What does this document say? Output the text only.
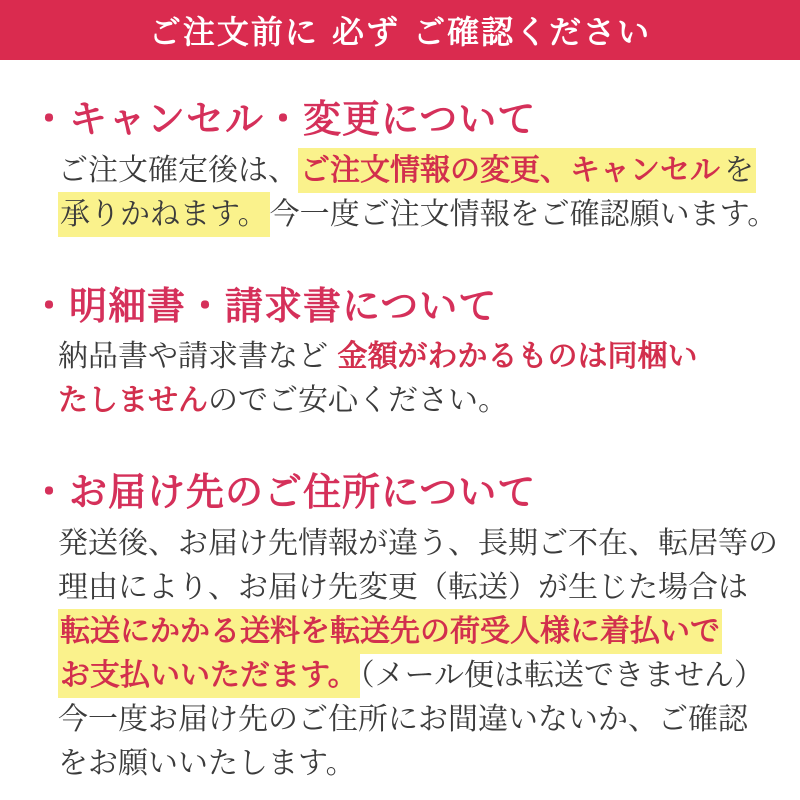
ご注文前に 必ず ご確認ください
・キャンセル・変更について

ご注文確定後は、ご注文情報の変更、キャンセル を
承りかねます。今一度ご注文情報をご確認願います。

・明細書・請求書について

納品書や請求書など 金額がわかるものは同梱い
たしませんのでご安心ください。

・お届け先のご住所について

発送後、お届け先情報が違う、長期ご不在、転居等の
理由により、お届け先変更（転送）が生じた場合は
転送にかかる送料を転送先の荷受人様に着払いで
お支払いいただます。（メール便は転送できません）
今一度お届け先のご住所にお間違いないか、ご確認
をお願いいたします。
